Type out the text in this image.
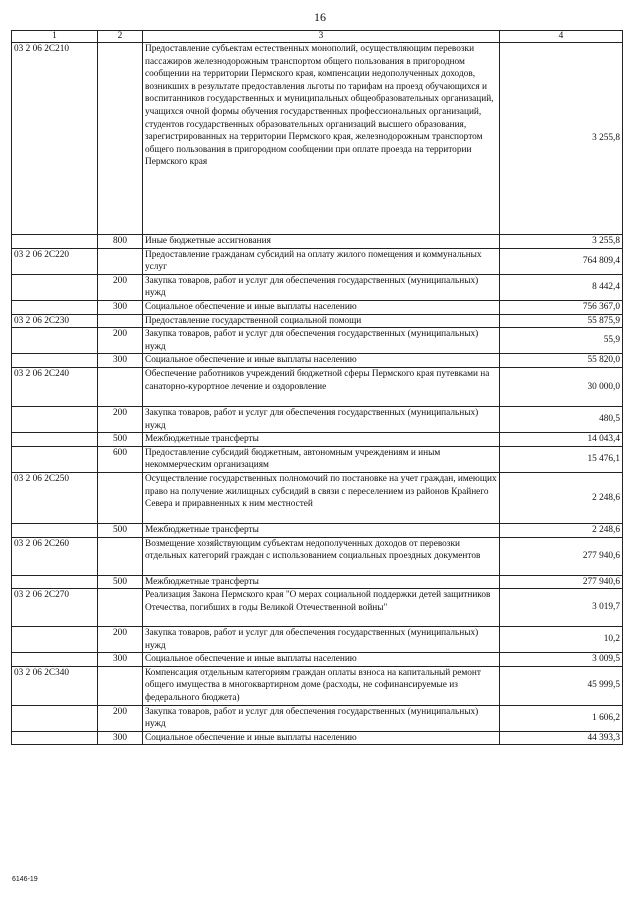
16
1	2	3	4
03 2 06 2С210		Предоставление субъектам естественных монополий, осуществляющим перевозки пассажиров железнодорожным транспортом общего пользования в пригородном сообщении на территории Пермского края, компенсации недополученных доходов, возникших в результате предоставления льготы по тарифам на проезд обучающихся и воспитанников государственных и муниципальных общеобразовательных организаций, учащихся очной формы обучения государственных профессиональных организаций, студентов государственных образовательных организаций высшего образования, зарегистрированных на территории Пермского края, железнодорожным транспортом общего пользования в пригородном сообщении при оплате проезда на территории Пермского края	3 255,8
	800	Иные бюджетные ассигнования	3 255,8
03 2 06 2С220		Предоставление гражданам субсидий на оплату жилого помещения и коммунальных услуг	764 809,4
	200	Закупка товаров, работ и услуг для обеспечения государственных (муниципальных) нужд	8 442,4
	300	Социальное обеспечение и иные выплаты населению	756 367,0
03 2 06 2С230		Предоставление государственной социальной помощи	55 875,9
	200	Закупка товаров, работ и услуг для обеспечения государственных (муниципальных) нужд	55,9
	300	Социальное обеспечение и иные выплаты населению	55 820,0
03 2 06 2С240		Обеспечение работников учреждений бюджетной сферы Пермского края путевками на санаторно-курортное лечение и оздоровление	30 000,0
	200	Закупка товаров, работ и услуг для обеспечения государственных (муниципальных) нужд	480,5
	500	Межбюджетные трансферты	14 043,4
	600	Предоставление субсидий бюджетным, автономным учреждениям и иным некоммерческим организациям	15 476,1
03 2 06 2С250		Осуществление государственных полномочий по постановке на учет граждан, имеющих право на получение жилищных субсидий в связи с переселением из районов Крайнего Севера и приравненных к ним местностей	2 248,6
	500	Межбюджетные трансферты	2 248,6
03 2 06 2С260		Возмещение хозяйствующим субъектам недополученных доходов от перевозки отдельных категорий граждан с использованием социальных проездных документов	277 940,6
	500	Межбюджетные трансферты	277 940,6
03 2 06 2С270		Реализация Закона Пермского края "О мерах социальной поддержки детей защитников Отечества, погибших в годы Великой Отечественной войны"	3 019,7
	200	Закупка товаров, работ и услуг для обеспечения государственных (муниципальных) нужд	10,2
	300	Социальное обеспечение и иные выплаты населению	3 009,5
03 2 06 2С340		Компенсация отдельным категориям граждан оплаты взноса на капитальный ремонт общего имущества в многоквартирном доме (расходы, не софинансируемые из федерального бюджета)	45 999,5
	200	Закупка товаров, работ и услуг для обеспечения государственных (муниципальных) нужд	1 606,2
	300	Социальное обеспечение и иные выплаты населению	44 393,3
6146-19
